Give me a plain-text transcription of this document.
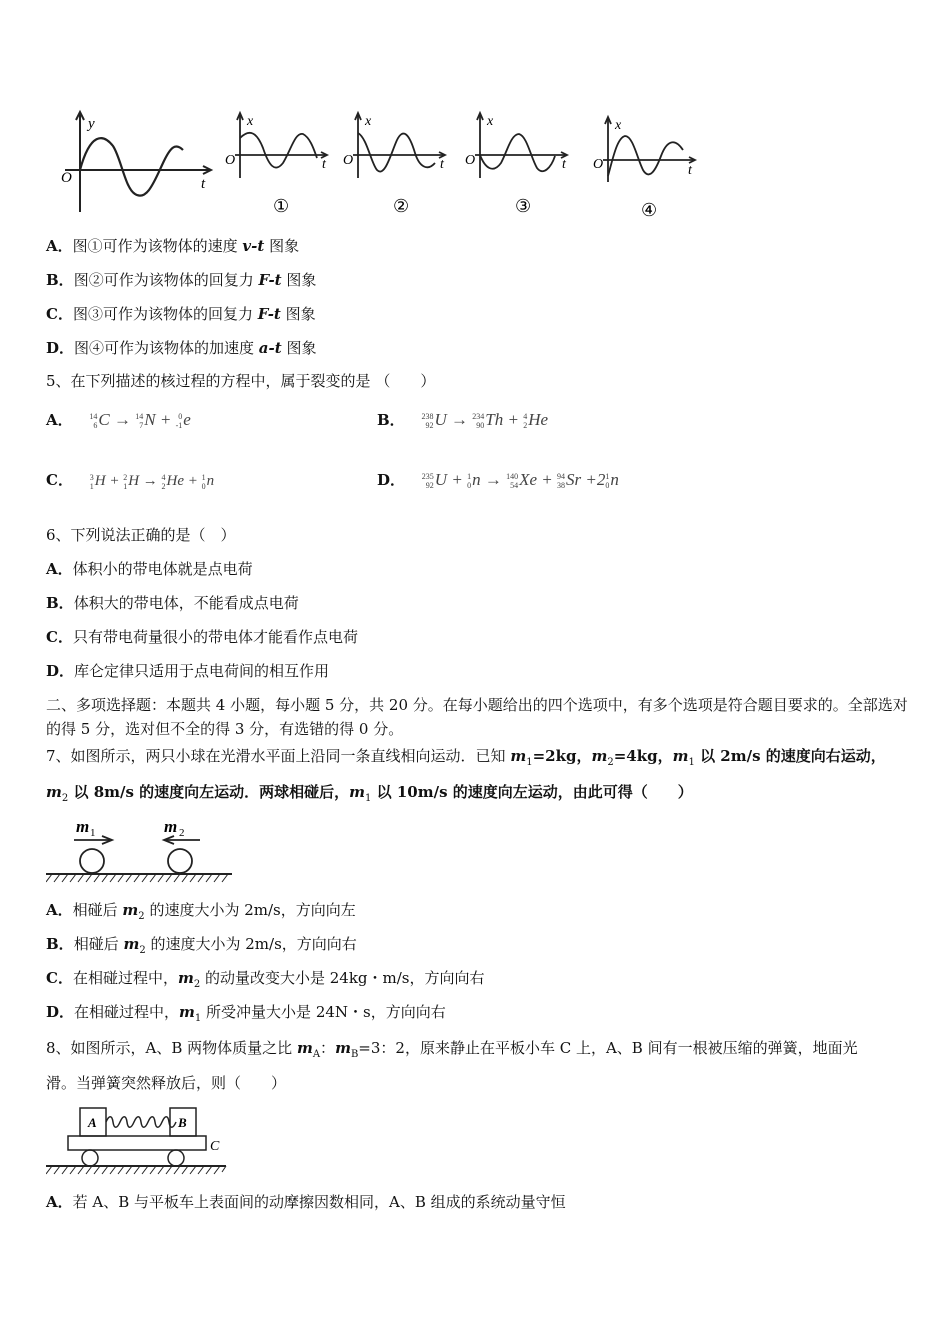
y
O	t
x
O	t
①
x
O	t
②
x
O	t
③
x
O	t
④
A．图①可作为该物体的速度 v-t 图象
B．图②可作为该物体的回复力 F-t 图象
C．图③可作为该物体的回复力 F-t 图象
D．图④可作为该物体的加速度 a-t 图象
5、在下列描述的核过程的方程中，属于裂变的是 （　　）
A． 14
6 C → 14
7 N + 0
-1 e	B． 238
92 U → 234
90 Th + 4
2 He
C． 3
1 H + 2
1 H → 4
2 He + 1
0 n	D． 235
92 U + 1
0 n → 140
54 Xe + 94
38 Sr +2 1
0 n
6、下列说法正确的是（　）
A．体积小的带电体就是点电荷
B．体积大的带电体，不能看成点电荷
C．只有带电荷量很小的带电体才能看作点电荷
D．库仑定律只适用于点电荷间的相互作用
二、多项选择题：本题共 4 小题，每小题 5 分，共 20 分。在每小题给出的四个选项中，有多个选项是符合题目要求的。全部选对的得 5 分，选对但不全的得 3 分，有选错的得 0 分。
7、如图所示，两只小球在光滑水平面上沿同一条直线相向运动．已知 $m_1=2kg$，$m_2=4kg$，$m_1$ 以 2m/s 的速度向右运动，
$m_2$ 以 8m/s 的速度向左运动．两球相碰后，$m_1$ 以 10m/s 的速度向左运动，由此可得（　　）
m 1	m 2
A．相碰后 $m_2$ 的速度大小为 2m/s，方向向左
B．相碰后 $m_2$ 的速度大小为 2m/s，方向向右
C．在相碰过程中，$m_2$ 的动量改变大小是 24kg・m/s，方向向右
D．在相碰过程中，$m_1$ 所受冲量大小是 24N・s，方向向右
8、如图所示，A、B 两物体质量之比 $m_A$：$m_B=3$：2，原来静止在平板小车 C 上，A、B 间有一根被压缩的弹簧，地面光
滑。当弹簧突然释放后，则（　　）
A	B
C
A．若 A、B 与平板车上表面间的动摩擦因数相同，A、B 组成的系统动量守恒
